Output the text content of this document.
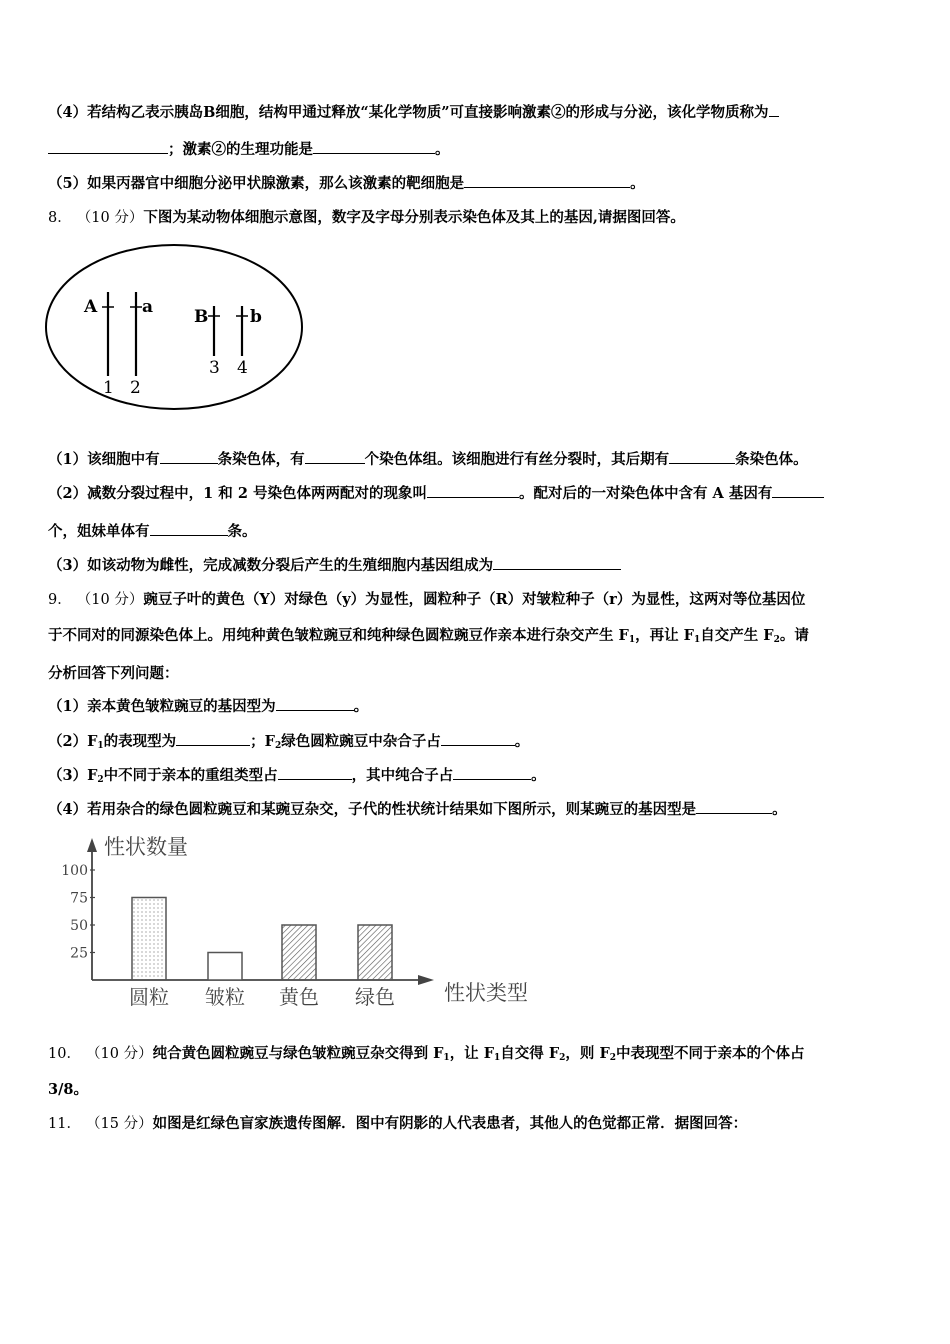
（4）若结构乙表示胰岛B细胞，结构甲通过释放“某化学物质”可直接影响激素②的形成与分泌，该化学物质称为
；激素②的生理功能是	。
（5）如果丙器官中细胞分泌甲状腺激素，那么该激素的靶细胞是	。
8． （10 分）下图为某动物体细胞示意图，数字及字母分别表示染色体及其上的基因,请据图回答。
A	a B b
1 2
3 4
（1）该细胞中有	条染色体，有	个染色体组。该细胞进行有丝分裂时，其后期有	条染色体。
（2）减数分裂过程中，1 和 2 号染色体两两配对的现象叫	。配对后的一对染色体中含有 A 基因有
个，姐妹单体有	条。
（3）如该动物为雌性，完成减数分裂后产生的生殖细胞内基因组成为
9． （10 分）豌豆子叶的黄色（Y）对绿色（y）为显性，圆粒种子（R）对皱粒种子（r）为显性，这两对等位基因位
于不同对的同源染色体上。用纯种黄色皱粒豌豆和纯种绿色圆粒豌豆作亲本进行杂交产生 $F_1$，再让 $F_1$自交产生 $F_2$。请
分析回答下列问题：
（1）亲本黄色皱粒豌豆的基因型为	。
$(2)F_1$的表现型为	；$F_2$绿色圆粒豌豆中杂合子占	。
$(3)F_2$中不同于亲本的重组类型占	，其中纯合子占	。
（4）若用杂合的绿色圆粒豌豆和某豌豆杂交，子代的性状统计结果如下图所示，则某豌豆的基因型是	。
性状数量
性状类型
100
75
50
25
圆粒 皱粒 黄色 绿色
10． （10 分）纯合黄色圆粒豌豆与绿色皱粒豌豆杂交得到 $F_1$，让 $F_1$自交得 $F_2$，则 $F_2$中表现型不同于亲本的个体占
3/8。
11． （15 分）如图是红绿色盲家族遗传图解．图中有阴影的人代表患者，其他人的色觉都正常．据图回答：
